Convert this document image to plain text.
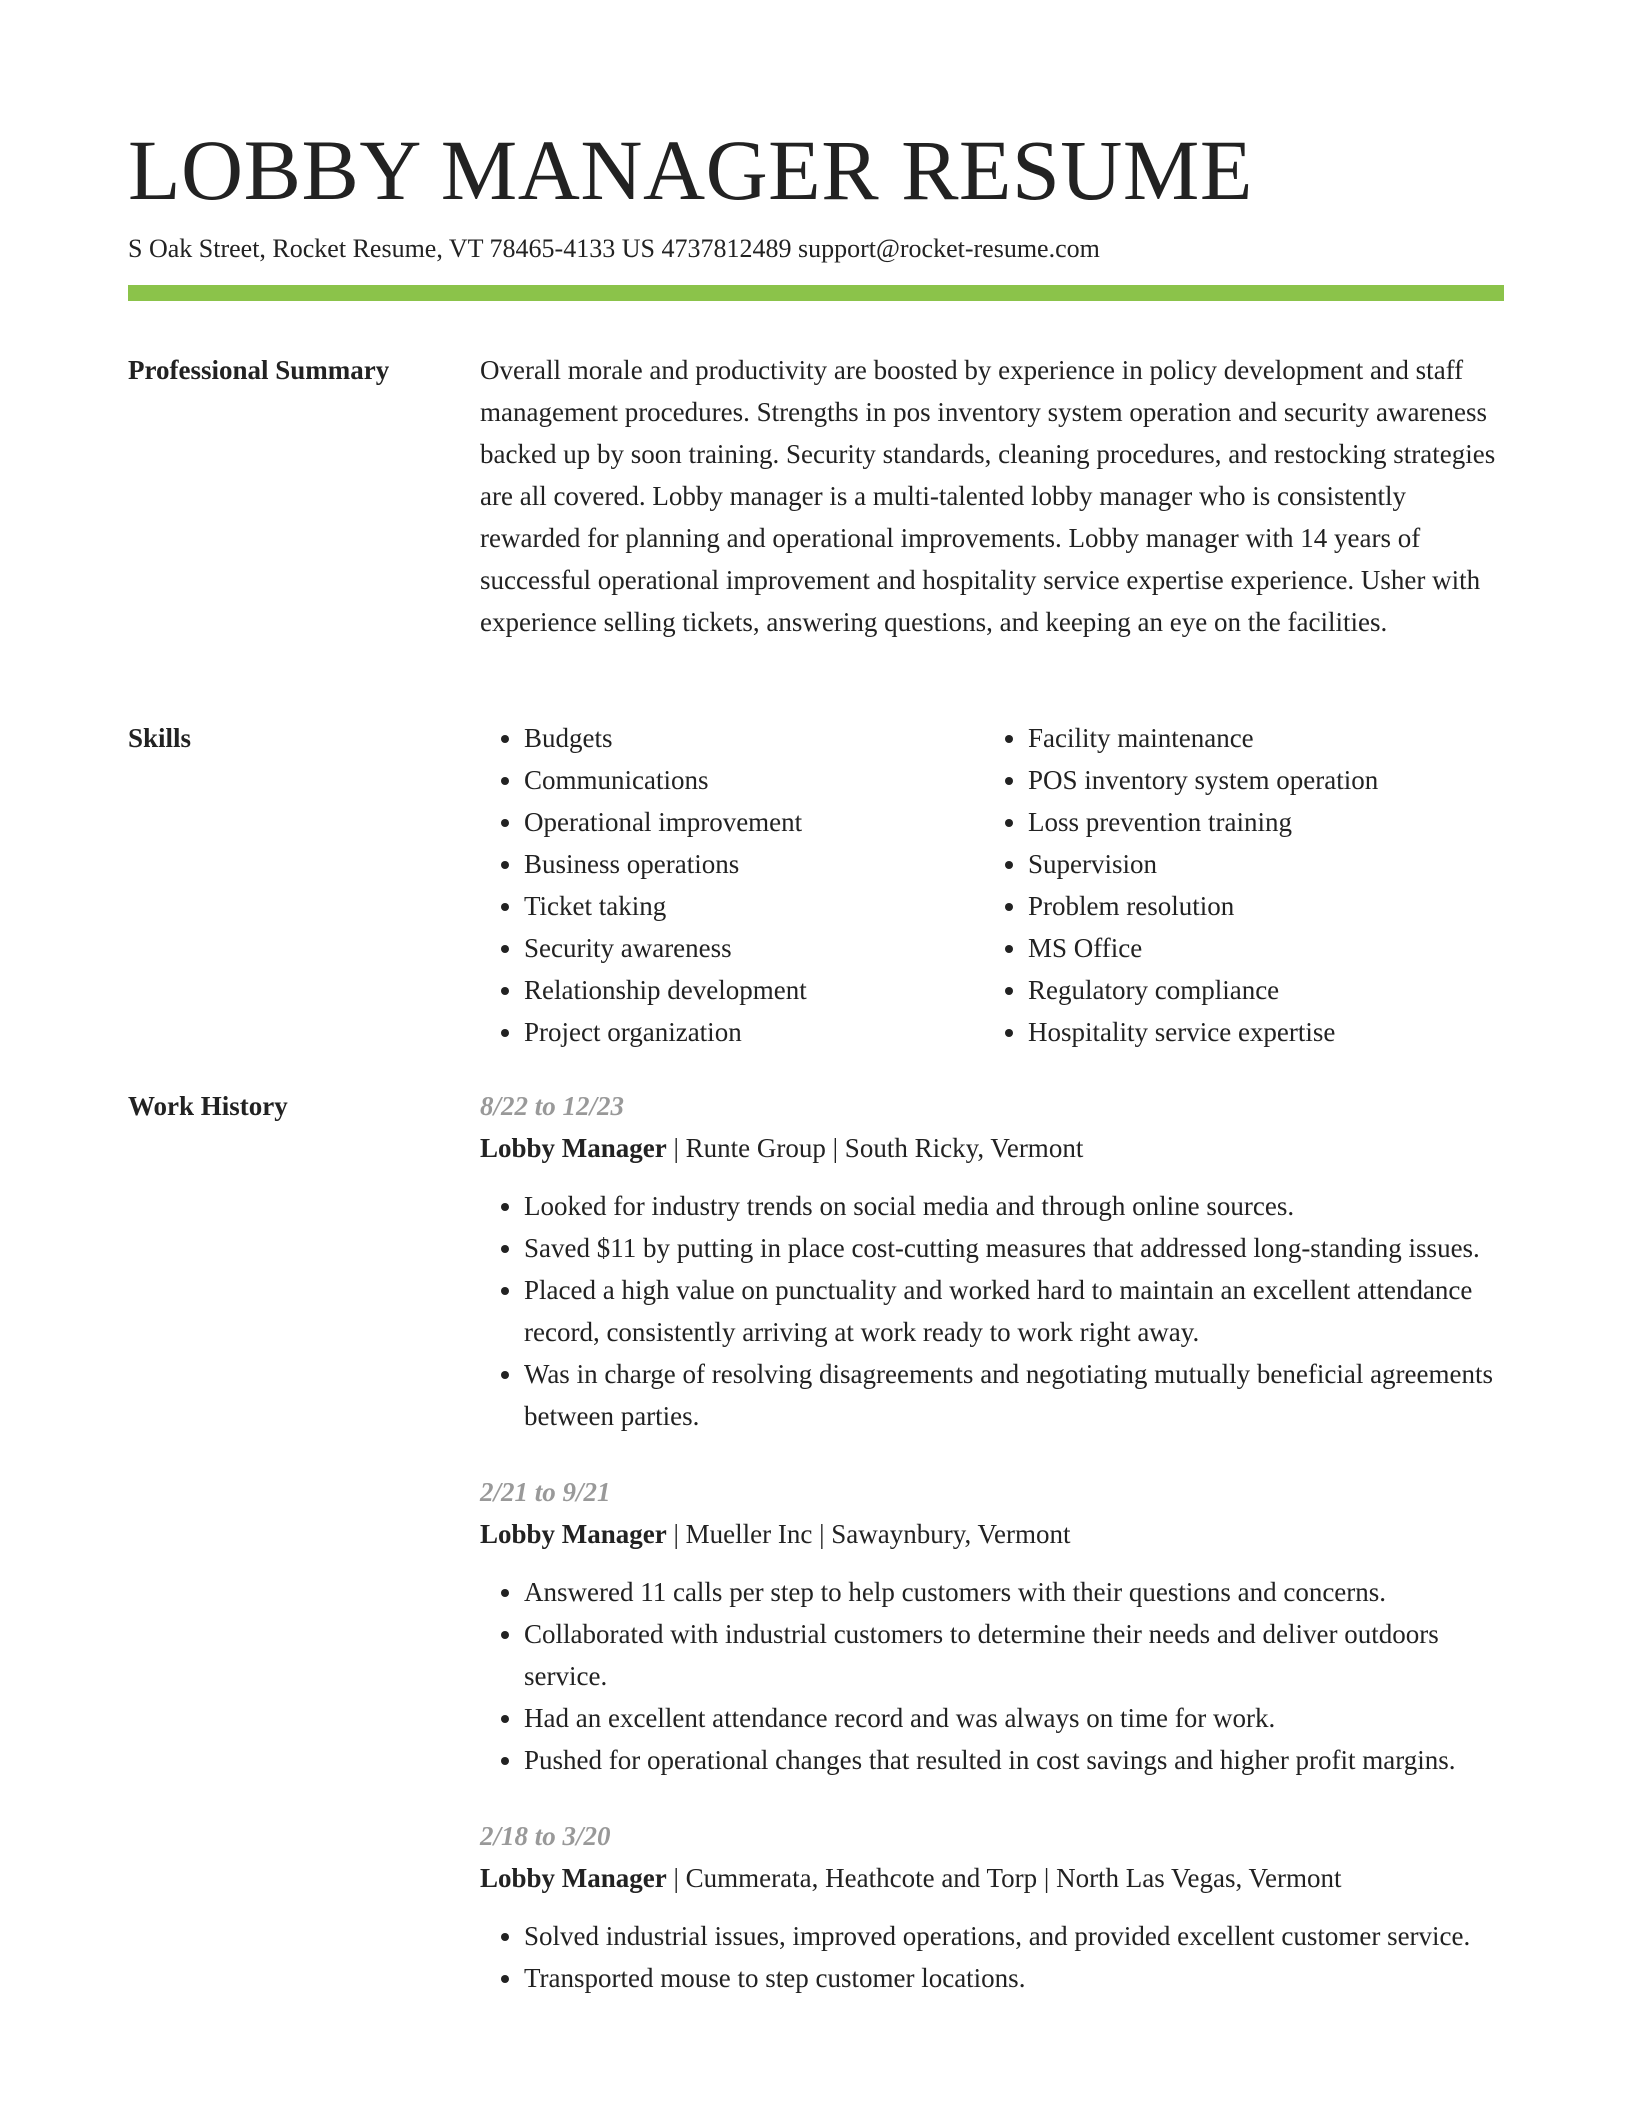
LOBBY MANAGER RESUME
S Oak Street, Rocket Resume, VT 78465-4133 US 4737812489 support@rocket-resume.com
Professional Summary	Overall morale and productivity are boosted by experience in policy development and staff management procedures. Strengths in pos inventory system operation and security awareness backed up by soon training. Security standards, cleaning procedures, and restocking strategies are all covered. Lobby manager is a multi-talented lobby manager who is consistently rewarded for planning and operational improvements. Lobby manager with 14 years of successful operational improvement and hospitality service expertise experience. Usher with experience selling tickets, answering questions, and keeping an eye on the facilities.

Skills
•	Budgets
• Communications
• Operational improvement
• Business operations
• Ticket taking
• Security awareness
• Relationship development
• Project organization
• Facility maintenance
• POS inventory system operation
• Loss prevention training
• Supervision
• Problem resolution
• MS Office
• Regulatory compliance
• Hospitality service expertise
Work History	8/22 to 12/23
Lobby Manager | Runte Group | South Ricky, Vermont
• Looked for industry trends on social media and through online sources.
• Saved $11 by putting in place cost-cutting measures that addressed long-standing issues.
• Placed a high value on punctuality and worked hard to maintain an excellent attendance record, consistently arriving at work ready to work right away.
• Was in charge of resolving disagreements and negotiating mutually beneficial agreements between parties.
2/21 to 9/21
Lobby Manager | Mueller Inc | Sawaynbury, Vermont
• Answered 11 calls per step to help customers with their questions and concerns.
• Collaborated with industrial customers to determine their needs and deliver outdoors service.
• Had an excellent attendance record and was always on time for work.
• Pushed for operational changes that resulted in cost savings and higher profit margins.
2/18 to 3/20
Lobby Manager | Cummerata, Heathcote and Torp | North Las Vegas, Vermont
• Solved industrial issues, improved operations, and provided excellent customer service.
• Transported mouse to step customer locations.
